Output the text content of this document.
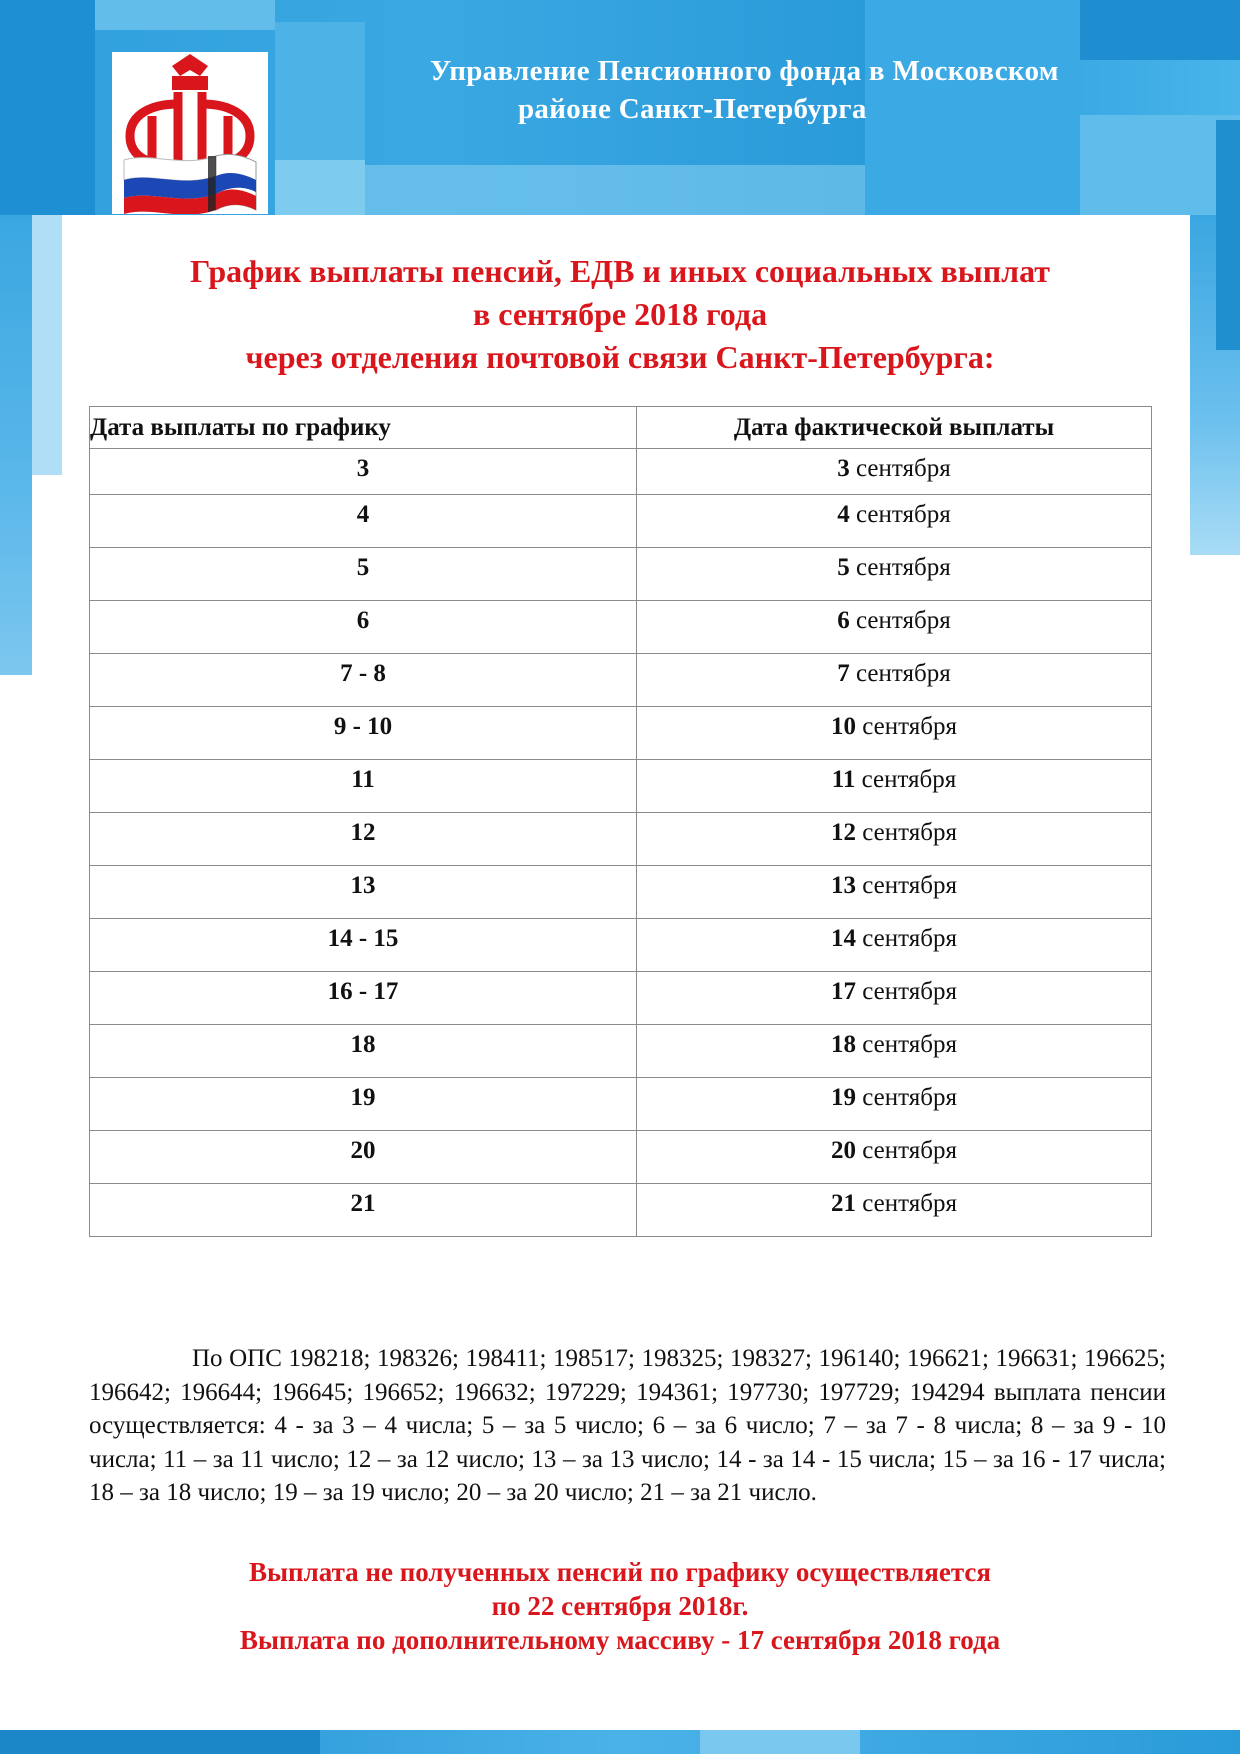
Управление Пенсионного фонда в Московском
районе Санкт-Петербурга
График выплаты пенсий, ЕДВ и иных социальных выплат
в сентябре 2018 года
через отделения почтовой связи Санкт-Петербурга:
Дата выплаты по графику	Дата фактической выплаты
3	3 сентября
4	4 сентября
5	5 сентября
6	6 сентября
7 - 8	7 сентября
9 - 10	10 сентября
11	11 сентября
12	12 сентября
13	13 сентября
14 - 15	14 сентября
16 - 17	17 сентября
18	18 сентября
19	19 сентября
20	20 сентября
21	21 сентября
По ОПС 198218; 198326; 198411; 198517; 198325; 198327; 196140; 196621; 196631; 196625; 196642; 196644; 196645; 196652; 196632; 197229; 194361; 197730; 197729; 194294 выплата пенсии осуществляется: 4 - за 3 – 4 числа; 5 – за 5 число; 6 – за 6 число; 7 – за 7 - 8 числа; 8 – за 9 - 10 числа; 11 – за 11 число; 12 – за 12 число; 13 – за 13 число; 14 - за 14 - 15 числа; 15 – за 16 - 17 числа; 18 – за 18 число; 19 – за 19 число; 20 – за 20 число; 21 – за 21 число.
Выплата не полученных пенсий по графику осуществляется
по 22 сентября 2018г.
Выплата по дополнительному массиву - 17 сентября 2018 года
